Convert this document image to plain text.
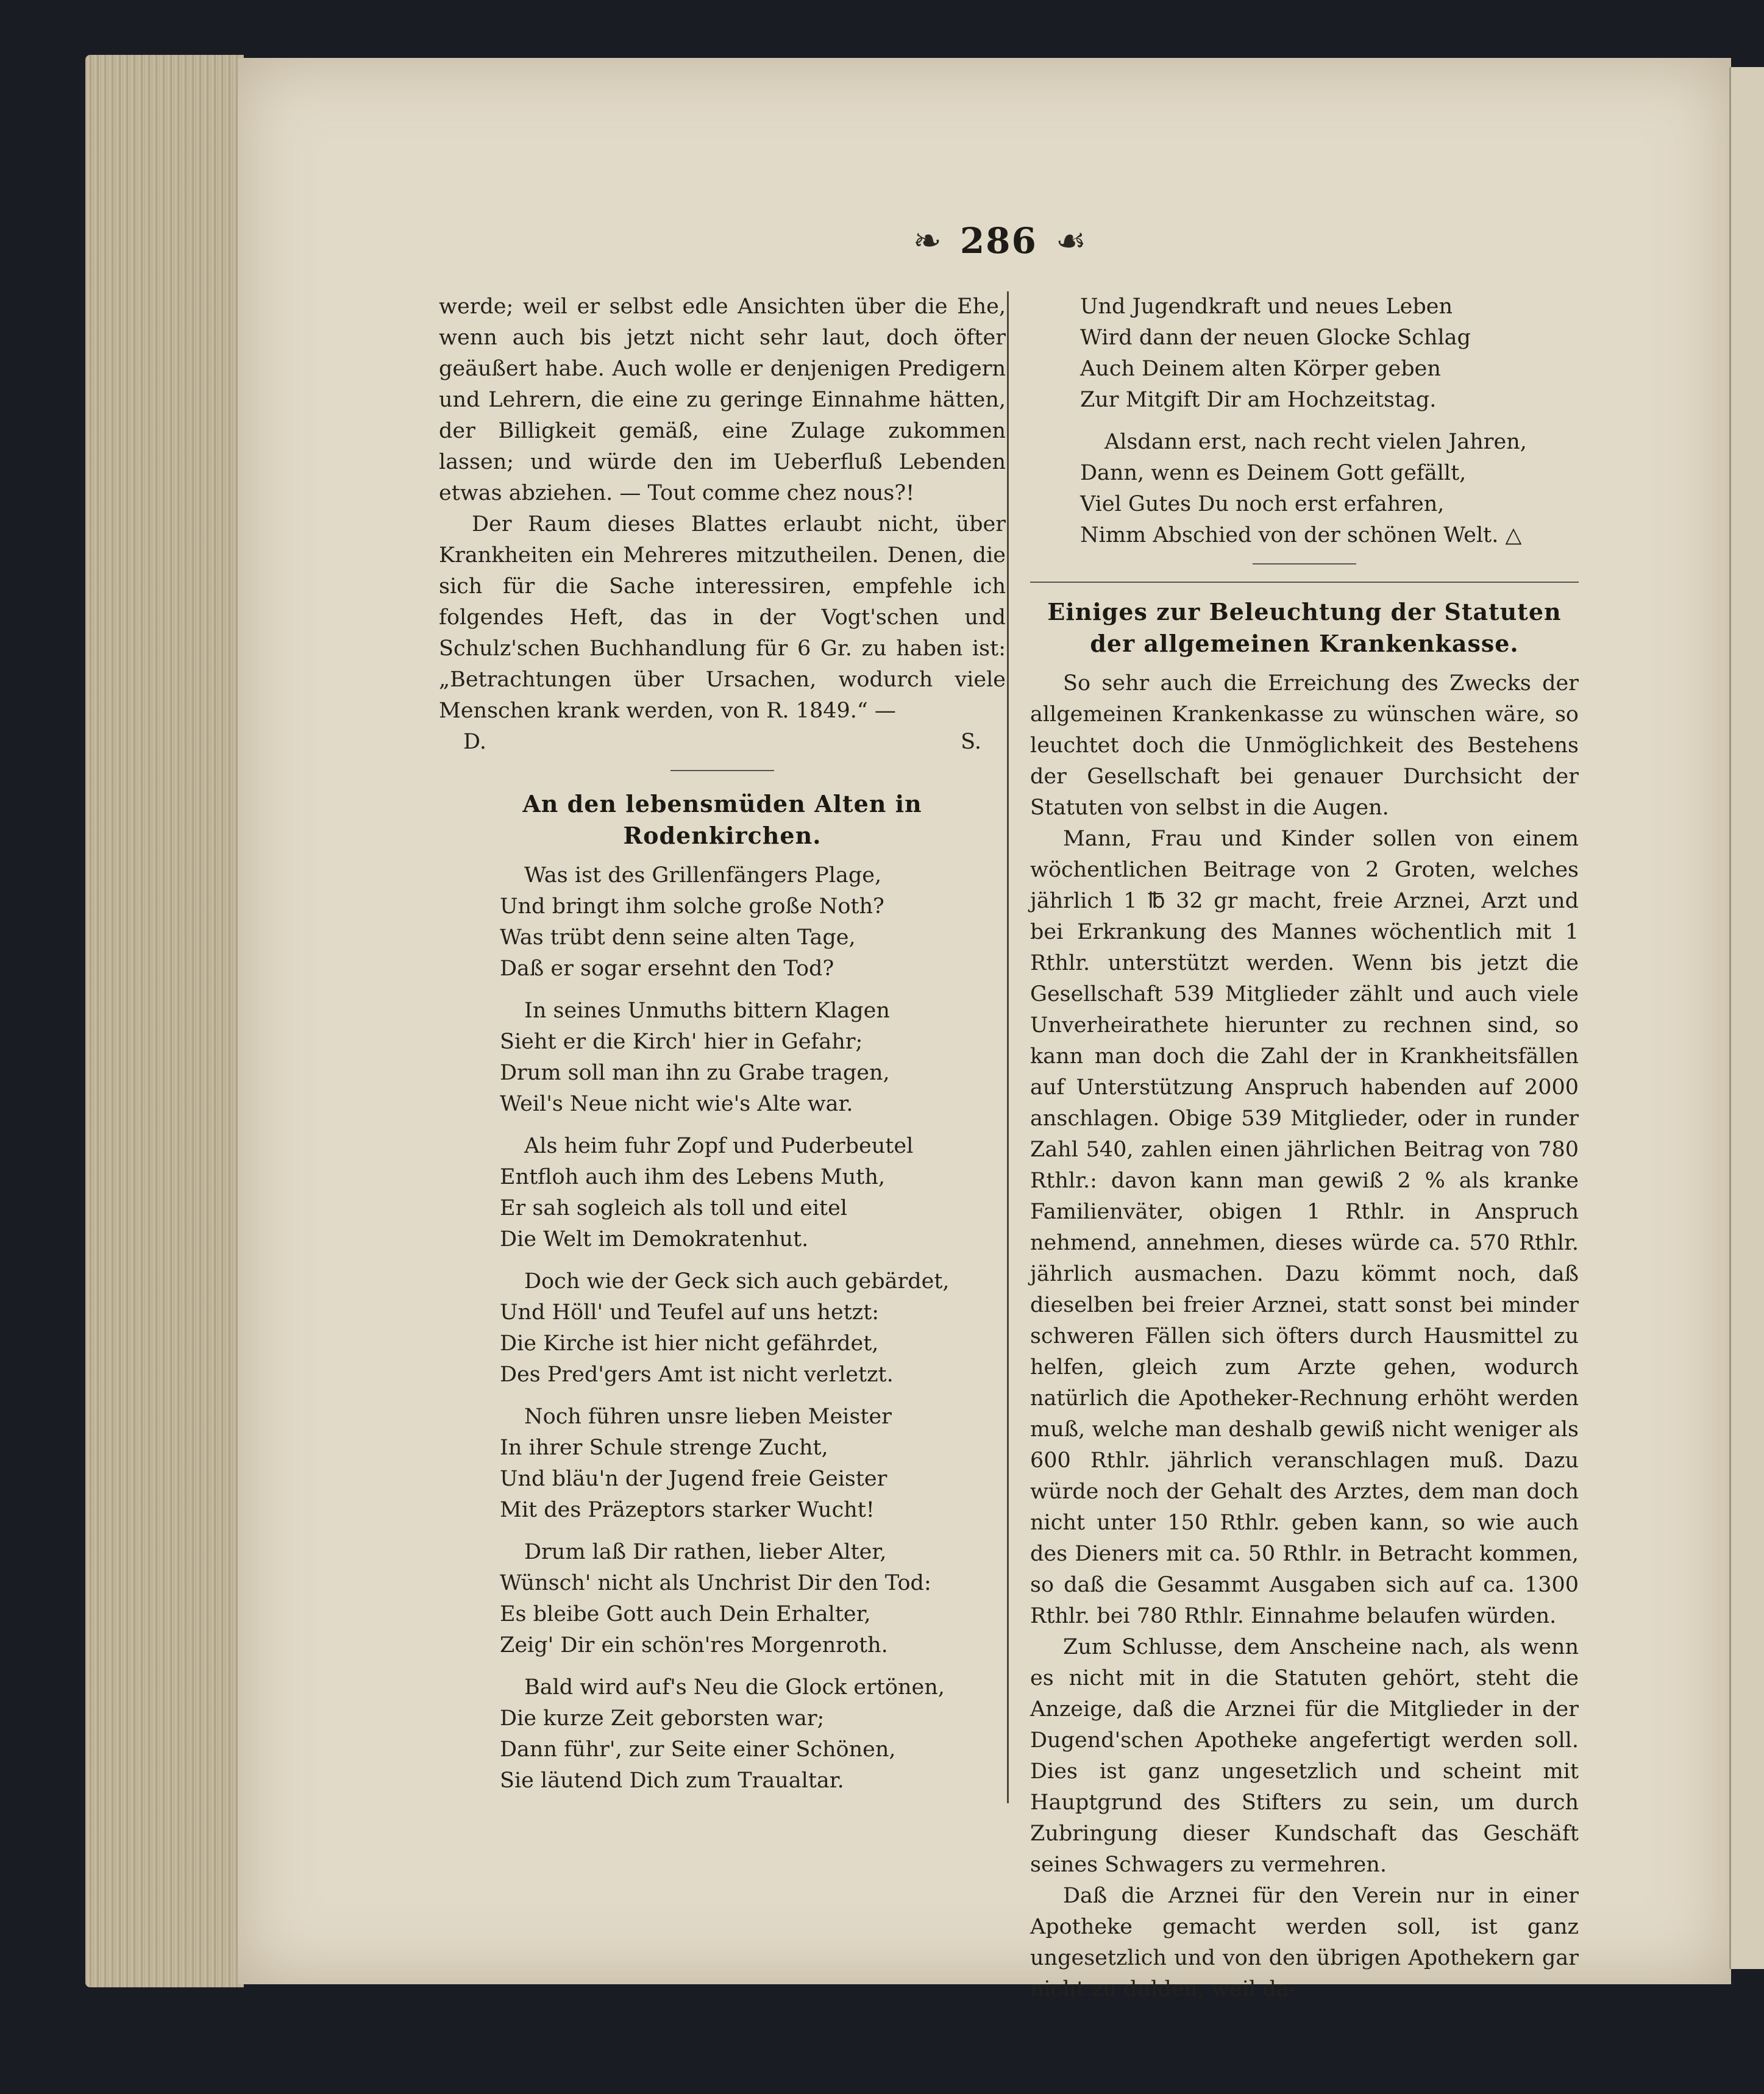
❧ 286 ☙

werde; weil er selbst edle Ansichten über die Ehe, wenn auch bis jetzt nicht sehr laut, doch öfter geäußert habe. Auch wolle er denjenigen Predigern und Lehrern, die eine zu geringe Einnahme hätten, der Billigkeit gemäß, eine Zulage zukommen lassen; und würde den im Ueberfluß Lebenden etwas abziehen. — Tout comme chez nous?!

Der Raum dieses Blattes erlaubt nicht, über Krankheiten ein Mehreres mitzutheilen. Denen, die sich für die Sache interessiren, empfehle ich folgendes Heft, das in der Vogt'schen und Schulz'schen Buchhandlung für 6 Gr. zu haben ist: „Betrachtungen über Ursachen, wodurch viele Menschen krank werden, von R. 1849.“ —

D.	S.
An den lebensmüden Alten in Rodenkirchen.
Was ist des Grillenfängers Plage,
Und bringt ihm solche große Noth?
Was trübt denn seine alten Tage,
Daß er sogar ersehnt den Tod?
In seines Unmuths bittern Klagen
Sieht er die Kirch' hier in Gefahr;
Drum soll man ihn zu Grabe tragen,
Weil's Neue nicht wie's Alte war.
Als heim fuhr Zopf und Puderbeutel
Entfloh auch ihm des Lebens Muth,
Er sah sogleich als toll und eitel
Die Welt im Demokratenhut.
Doch wie der Geck sich auch gebärdet,
Und Höll' und Teufel auf uns hetzt:
Die Kirche ist hier nicht gefährdet,
Des Pred'gers Amt ist nicht verletzt.
Noch führen unsre lieben Meister
In ihrer Schule strenge Zucht,
Und bläu'n der Jugend freie Geister
Mit des Präzeptors starker Wucht!
Drum laß Dir rathen, lieber Alter,
Wünsch' nicht als Unchrist Dir den Tod:
Es bleibe Gott auch Dein Erhalter,
Zeig' Dir ein schön'res Morgenroth.
Bald wird auf's Neu die Glock ertönen,
Die kurze Zeit geborsten war;
Dann führ', zur Seite einer Schönen,
Sie läutend Dich zum Traualtar.
Und Jugendkraft und neues Leben
Wird dann der neuen Glocke Schlag
Auch Deinem alten Körper geben
Zur Mitgift Dir am Hochzeitstag.
Alsdann erst, nach recht vielen Jahren,
Dann, wenn es Deinem Gott gefällt,
Viel Gutes Du noch erst erfahren,
Nimm Abschied von der schönen Welt. △
Einiges zur Beleuchtung der Statuten der allgemeinen Krankenkasse.

So sehr auch die Erreichung des Zwecks der allgemeinen Krankenkasse zu wünschen wäre, so leuchtet doch die Unmöglichkeit des Bestehens der Gesellschaft bei genauer Durchsicht der Statuten von selbst in die Augen.

Mann, Frau und Kinder sollen von einem wöchentlichen Beitrage von 2 Groten, welches jährlich 1 ℔ 32 gr macht, freie Arznei, Arzt und bei Erkrankung des Mannes wöchentlich mit 1 Rthlr. unterstützt werden. Wenn bis jetzt die Gesellschaft 539 Mitglieder zählt und auch viele Unverheirathete hierunter zu rechnen sind, so kann man doch die Zahl der in Krankheitsfällen auf Unterstützung Anspruch habenden auf 2000 anschlagen. Obige 539 Mitglieder, oder in runder Zahl 540, zahlen einen jährlichen Beitrag von 780 Rthlr.: davon kann man gewiß 2 % als kranke Familienväter, obigen 1 Rthlr. in Anspruch nehmend, annehmen, dieses würde ca. 570 Rthlr. jährlich ausmachen. Dazu kömmt noch, daß dieselben bei freier Arznei, statt sonst bei minder schweren Fällen sich öfters durch Hausmittel zu helfen, gleich zum Arzte gehen, wodurch natürlich die Apotheker-Rechnung erhöht werden muß, welche man deshalb gewiß nicht weniger als 600 Rthlr. jährlich veranschlagen muß. Dazu würde noch der Gehalt des Arztes, dem man doch nicht unter 150 Rthlr. geben kann, so wie auch des Dieners mit ca. 50 Rthlr. in Betracht kommen, so daß die Gesammt Ausgaben sich auf ca. 1300 Rthlr. bei 780 Rthlr. Einnahme belaufen würden.

Zum Schlusse, dem Anscheine nach, als wenn es nicht mit in die Statuten gehört, steht die Anzeige, daß die Arznei für die Mitglieder in der Dugend'schen Apotheke angefertigt werden soll. Dies ist ganz ungesetzlich und scheint mit Hauptgrund des Stifters zu sein, um durch Zubringung dieser Kundschaft das Geschäft seines Schwagers zu vermehren.

Daß die Arznei für den Verein nur in einer Apotheke gemacht werden soll, ist ganz ungesetzlich und von den übrigen Apothekern gar nicht zu dulden, weil da-
